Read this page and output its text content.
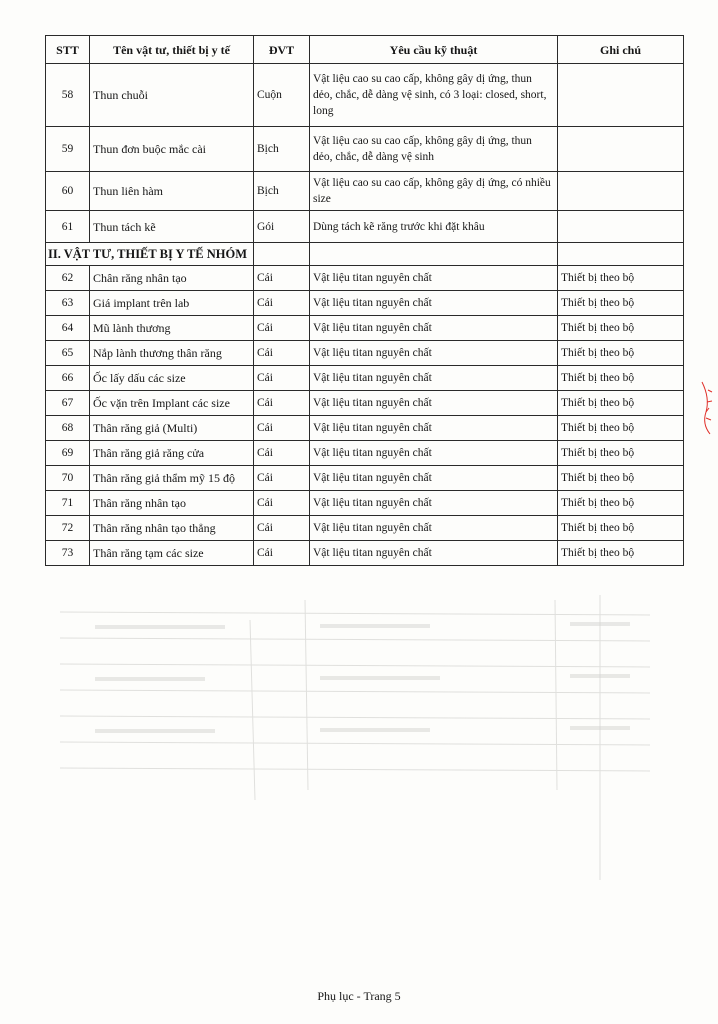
STT	Tên vật tư, thiết bị y tế	ĐVT	Yêu cầu kỹ thuật	Ghi chú
58	Thun chuỗi	Cuộn	Vật liệu cao su cao cấp, không gây dị ứng, thun dẻo, chắc, dễ dàng vệ sinh, có 3 loại: closed, short, long	
59	Thun đơn buộc mắc cài	Bịch	Vật liệu cao su cao cấp, không gây dị ứng, thun dẻo, chắc, dễ dàng vệ sinh	
60	Thun liên hàm	Bịch	Vật liệu cao su cao cấp, không gây dị ứng, có nhiều size	
61	Thun tách kẽ	Gói	Dùng tách kẽ răng trước khi đặt khâu	
II. VẬT TƯ, THIẾT BỊ Y TẾ NHÓM				
62	Chân răng nhân tạo	Cái	Vật liệu titan nguyên chất	Thiết bị theo bộ
63	Giá implant trên lab	Cái	Vật liệu titan nguyên chất	Thiết bị theo bộ
64	Mũ lành thương	Cái	Vật liệu titan nguyên chất	Thiết bị theo bộ
65	Nắp lành thương thân răng	Cái	Vật liệu titan nguyên chất	Thiết bị theo bộ
66	Ốc lấy dấu các size	Cái	Vật liệu titan nguyên chất	Thiết bị theo bộ
67	Ốc vặn trên Implant các size	Cái	Vật liệu titan nguyên chất	Thiết bị theo bộ
68	Thân răng giả (Multi)	Cái	Vật liệu titan nguyên chất	Thiết bị theo bộ
69	Thân răng giả răng cửa	Cái	Vật liệu titan nguyên chất	Thiết bị theo bộ
70	Thân răng giả thẩm mỹ 15 độ	Cái	Vật liệu titan nguyên chất	Thiết bị theo bộ
71	Thân răng nhân tạo	Cái	Vật liệu titan nguyên chất	Thiết bị theo bộ
72	Thân răng nhân tạo thẳng	Cái	Vật liệu titan nguyên chất	Thiết bị theo bộ
73	Thân răng tạm các size	Cái	Vật liệu titan nguyên chất	Thiết bị theo bộ
Phụ lục - Trang 5
